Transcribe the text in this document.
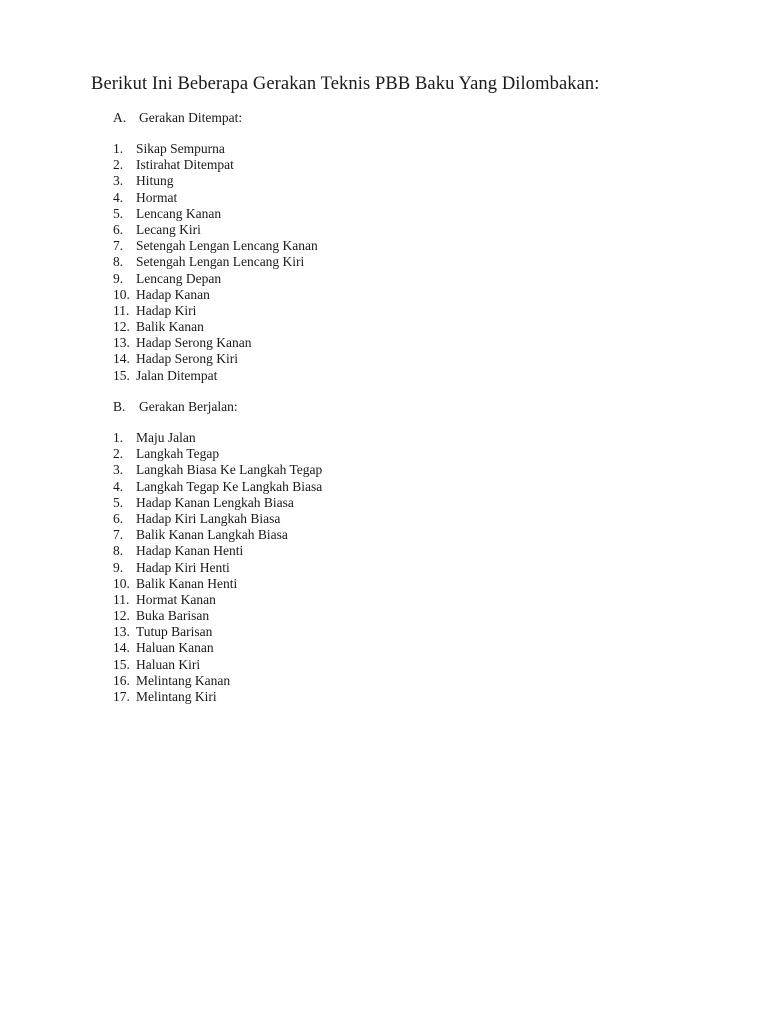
Berikut Ini Beberapa Gerakan Teknis PBB Baku Yang Dilombakan:
A. Gerakan Ditempat:
1. Sikap Sempurna
2. Istirahat Ditempat
3. Hitung
4. Hormat
5. Lencang Kanan
6. Lecang Kiri
7. Setengah Lengan Lencang Kanan
8. Setengah Lengan Lencang Kiri
9. Lencang Depan
10. Hadap Kanan
11. Hadap Kiri
12. Balik Kanan
13. Hadap Serong Kanan
14. Hadap Serong Kiri
15. Jalan Ditempat
B.	Gerakan Berjalan:
1. Maju Jalan
2. Langkah Tegap
3. Langkah Biasa Ke Langkah Tegap
4. Langkah Tegap Ke Langkah Biasa
5. Hadap Kanan Lengkah Biasa
6. Hadap Kiri Langkah Biasa
7. Balik Kanan Langkah Biasa
8. Hadap Kanan Henti
9. Hadap Kiri Henti
10. Balik Kanan Henti
11. Hormat Kanan
12. Buka Barisan
13. Tutup Barisan
14. Haluan Kanan
15. Haluan Kiri
16. Melintang Kanan
17. Melintang Kiri
